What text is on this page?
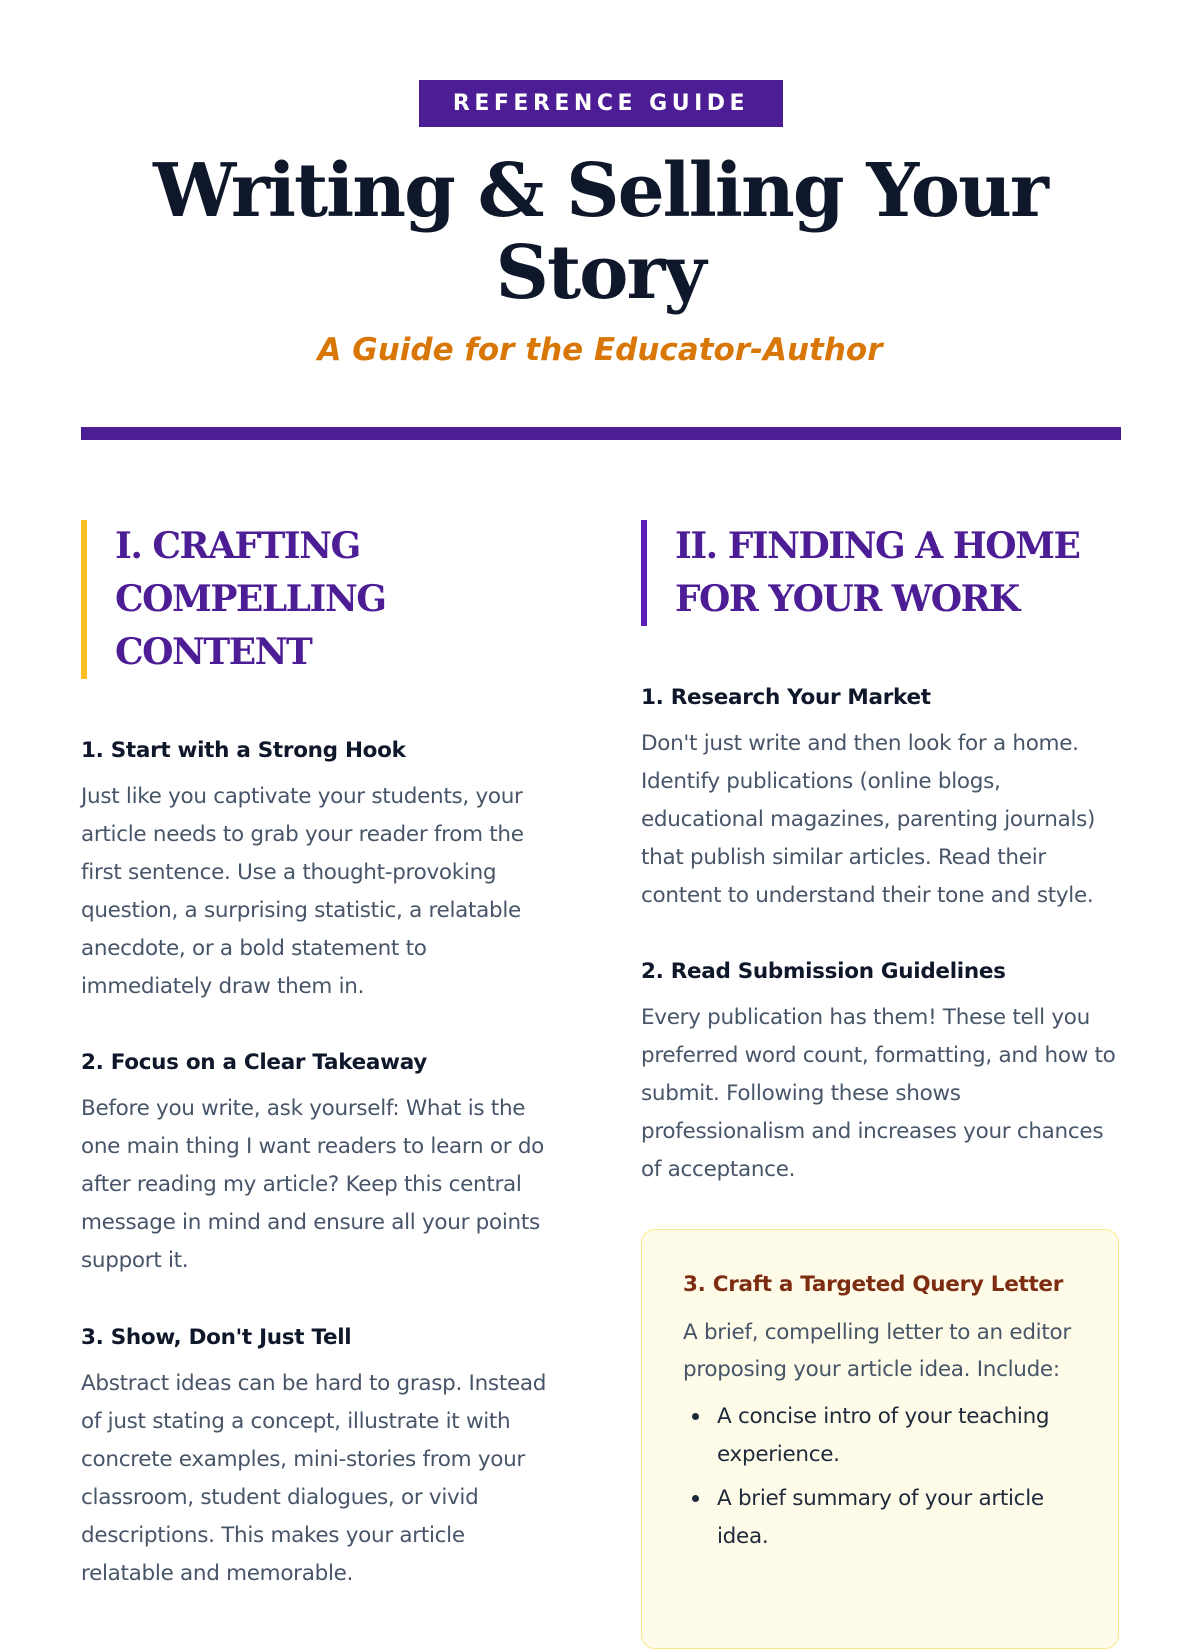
REFERENCE GUIDE
Writing & Selling Your Story
A Guide for the Educator-Author
I. CRAFTING COMPELLING CONTENT
1. Start with a Strong Hook

Just like you captivate your students, your article needs to grab your reader from the first sentence. Use a thought-provoking question, a surprising statistic, a relatable anecdote, or a bold statement to immediately draw them in.

2. Focus on a Clear Takeaway

Before you write, ask yourself: What is the one main thing I want readers to learn or do after reading my article? Keep this central message in mind and ensure all your points support it.

3. Show, Don't Just Tell

Abstract ideas can be hard to grasp. Instead of just stating a concept, illustrate it with concrete examples, mini-stories from your classroom, student dialogues, or vivid descriptions. This makes your article relatable and memorable.

II. FINDING A HOME FOR YOUR WORK
1. Research Your Market

Don't just write and then look for a home. Identify publications (online blogs, educational magazines, parenting journals) that publish similar articles. Read their content to understand their tone and style.

2. Read Submission Guidelines

Every publication has them! These tell you preferred word count, formatting, and how to submit. Following these shows professionalism and increases your chances of acceptance.

3. Craft a Targeted Query Letter

A brief, compelling letter to an editor proposing your article idea. Include:

A concise intro of your teaching experience.
A brief summary of your article idea.
